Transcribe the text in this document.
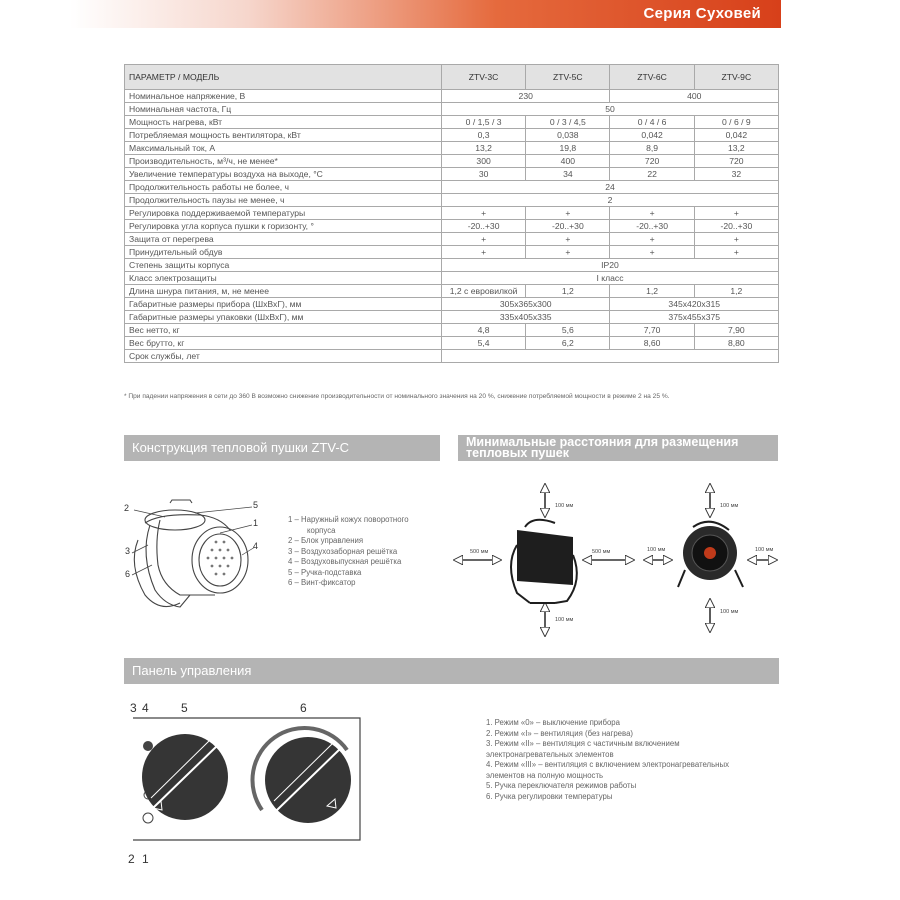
Серия Суховей
ПАРАМЕТР / МОДЕЛЬ	ZTV-3C	ZTV-5C	ZTV-6C	ZTV-9C
Номинальное напряжение, В	230		400	
Номинальная частота, Гц	50			
Мощность нагрева, кВт	0 / 1,5 / 3	0 / 3 / 4,5	0 / 4 / 6	0 / 6 / 9
Потребляемая мощность вентилятора, кВт	0,3	0,038	0,042	0,042
Максимальный ток, А	13,2	19,8	8,9	13,2
Производительность, м³/ч, не менее*	300	400	720	720
Увеличение температуры воздуха на выходе, °С	30	34	22	32
Продолжительность работы не более, ч	24			
Продолжительность паузы не менее, ч	2			
Регулировка поддерживаемой температуры	+	+	+	+
Регулировка угла корпуса пушки к горизонту, °	-20..+30	-20..+30	-20..+30	-20..+30
Защита от перегрева	+	+	+	+
Принудительный обдув	+	+	+	+
Степень защиты корпуса	IP20			
Класс электрозащиты	I класс			
Длина шнура питания, м, не менее	1,2 с евровилкой	1,2	1,2	1,2
Габаритные размеры прибора (ШхВхГ), мм	305x365x300		345x420x315	
Габаритные размеры упаковки (ШхВхГ), мм	335x405x335		375x455x375	
Вес нетто, кг	4,8	5,6	7,70	7,90
Вес брутто, кг	5,4	6,2	8,60	8,80
Срок службы, лет				
* При падении напряжения в сети до 360 В возможно снижение производительности от номинального значения на 20 %, снижение потребляемой мощности в режиме 2 на 25 %.
Конструкция тепловой пушки ZTV-C
2	5
1
4
3
6
1 – Наружный кожух поворотного
корпуса
2 – Блок управления
3 – Воздухозаборная решётка
4 – Воздуховыпускная решётка
5 – Ручка-подставка
6 – Винт-фиксатор
Минимальные расстояния для размещения
тепловых пушек
100 мм
100 мм
500 мм	500 мм
100 мм
100 мм
100 мм	100 мм
Панель управления
3 4	5	6
2 1
1. Режим «0» – выключение прибора
2. Режим «I» – вентиляция (без нагрева)
3. Режим «II» – вентиляция с частичным включением
электронагревательных элементов
4. Режим «III» – вентиляция с включением электронагревательных
элементов на полную мощность
5. Ручка переключателя режимов работы
6. Ручка регулировки температуры
